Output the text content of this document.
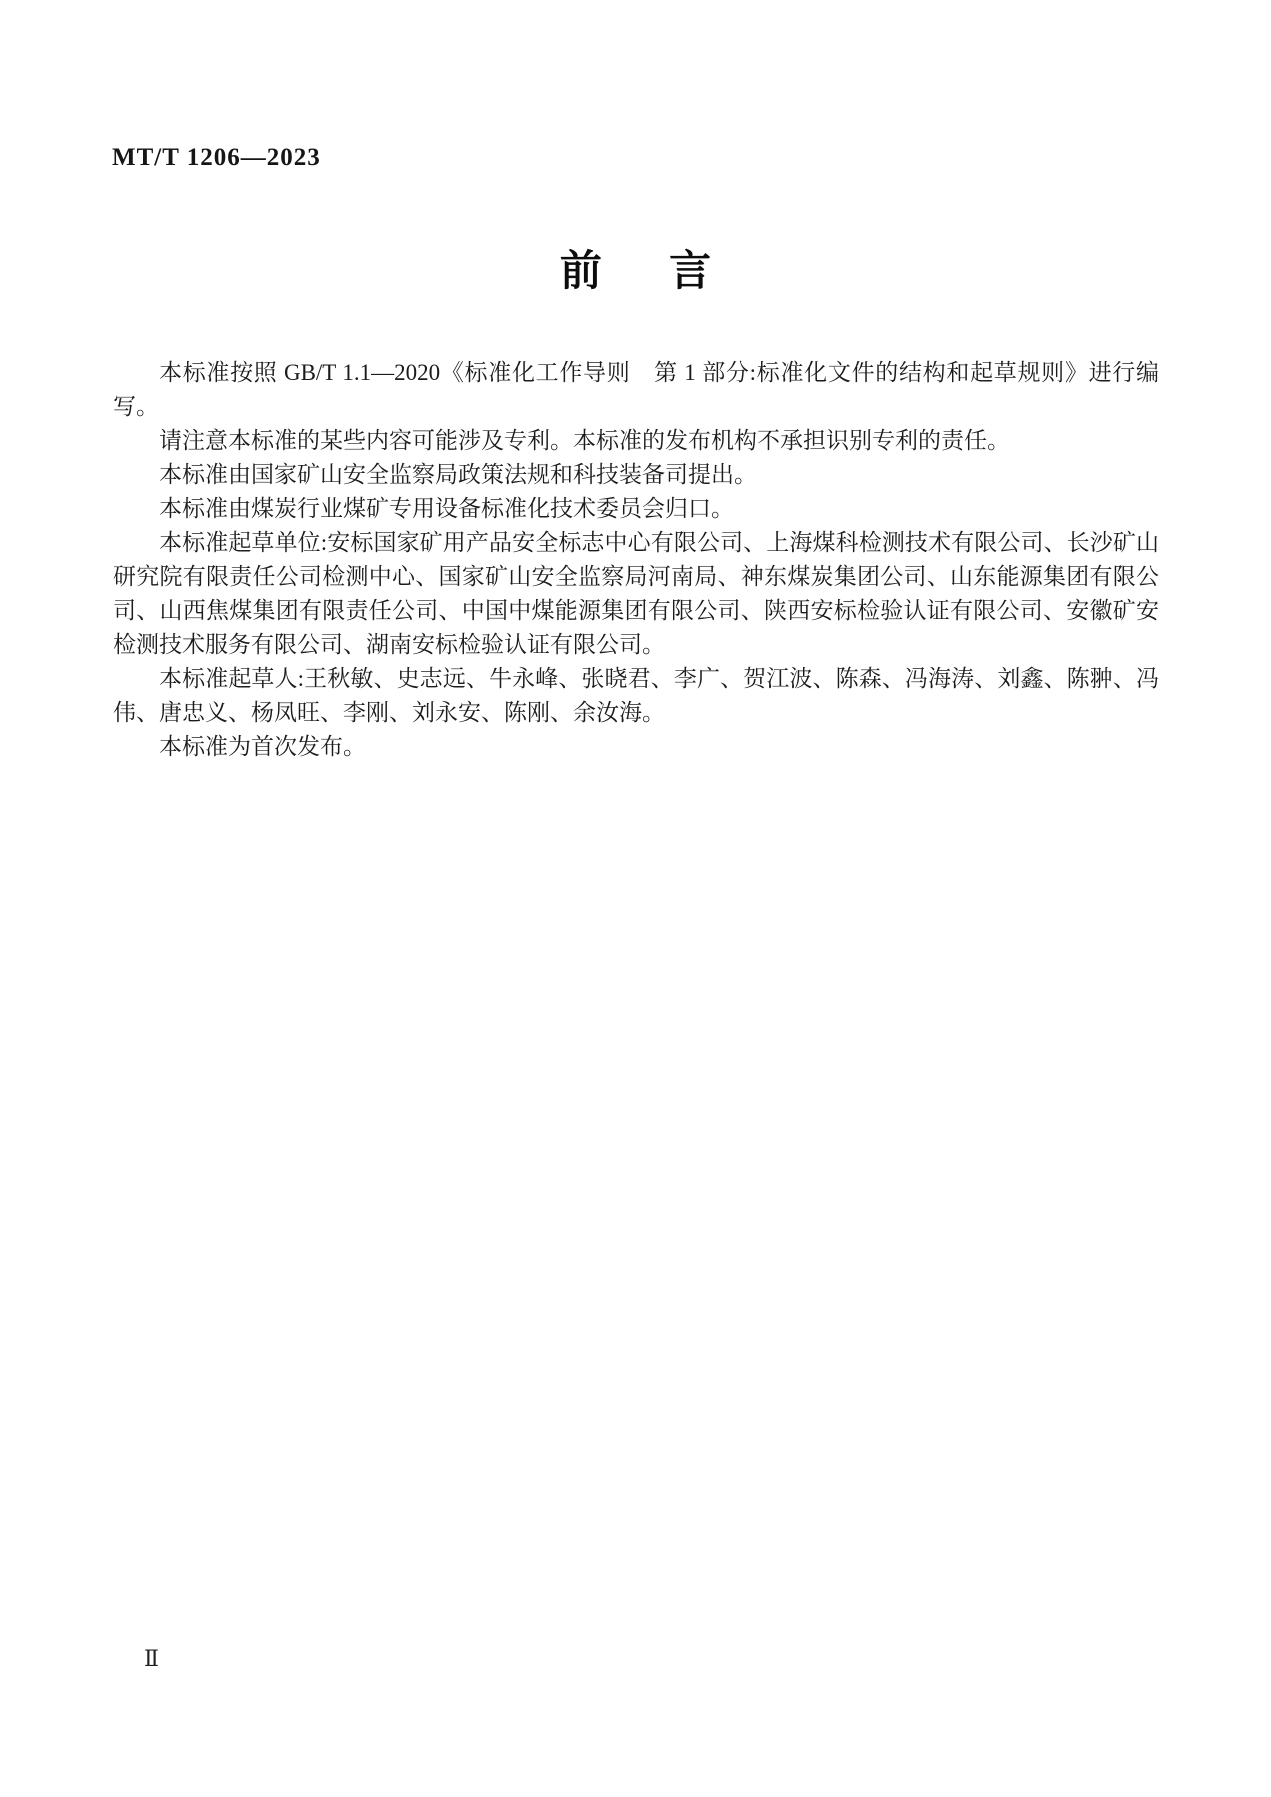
MT/T 1206—2023
前言

本标准按照 GB/T 1.1—2020《标准化工作导则　第 1 部分:标准化文件的结构和起草规则》进行编写。

请注意本标准的某些内容可能涉及专利。本标准的发布机构不承担识别专利的责任。

本标准由国家矿山安全监察局政策法规和科技装备司提出。

本标准由煤炭行业煤矿专用设备标准化技术委员会归口。

本标准起草单位:安标国家矿用产品安全标志中心有限公司、上海煤科检测技术有限公司、长沙矿山研究院有限责任公司检测中心、国家矿山安全监察局河南局、神东煤炭集团公司、山东能源集团有限公司、山西焦煤集团有限责任公司、中国中煤能源集团有限公司、陕西安标检验认证有限公司、安徽矿安检测技术服务有限公司、湖南安标检验认证有限公司。

本标准起草人:王秋敏、史志远、牛永峰、张晓君、李广、贺江波、陈森、冯海涛、刘鑫、陈翀、冯伟、唐忠义、杨凤旺、李刚、刘永安、陈刚、余汝海。

本标准为首次发布。

Ⅱ
